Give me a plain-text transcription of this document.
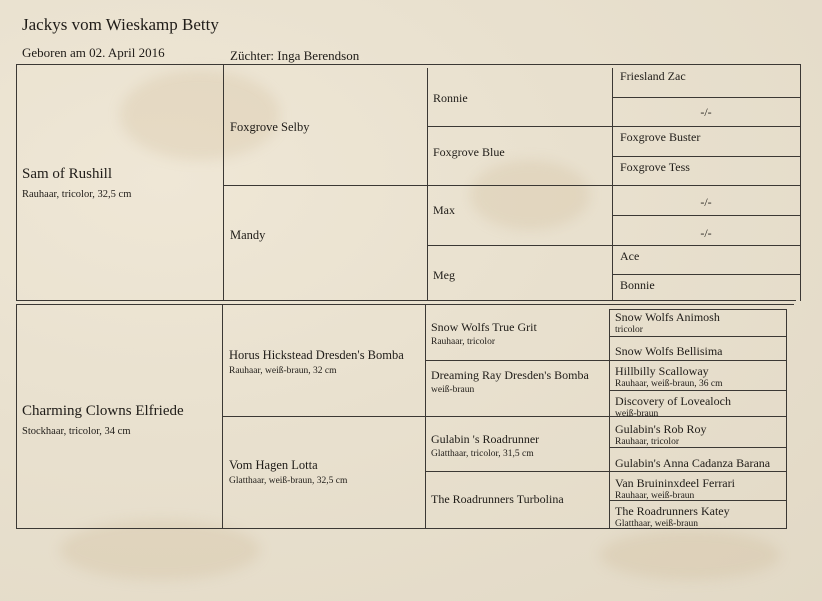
Jackys vom Wieskamp Betty
Geboren am 02. April 2016	Züchter: Inga Berendson
Sam of Rushill
Rauhaar, tricolor, 32,5 cm
Foxgrove Selby
Mandy
Ronnie
Foxgrove Blue
Max
Meg
Friesland Zac
-/-
Foxgrove Buster
Foxgrove Tess
-/-
-/-
Ace
Bonnie
Charming Clowns Elfriede
Stockhaar, tricolor, 34 cm
Horus Hickstead Dresden's Bomba
Rauhaar, weiß-braun, 32 cm
Vom Hagen Lotta
Glatthaar, weiß-braun, 32,5 cm
Snow Wolfs True Grit
Rauhaar, tricolor
Dreaming Ray Dresden's Bomba
weiß-braun
Gulabin 's Roadrunner
Glatthaar, tricolor, 31,5 cm
The Roadrunners Turbolina
Snow Wolfs Animosh
tricolor
Snow Wolfs Bellisima
Hillbilly Scalloway
Rauhaar, weiß-braun, 36 cm
Discovery of Lovealoch
weiß-braun
Gulabin's Rob Roy
Rauhaar, tricolor
Gulabin's Anna Cadanza Barana
Van Bruininxdeel Ferrari
Rauhaar, weiß-braun
The Roadrunners Katey
Glatthaar, weiß-braun
